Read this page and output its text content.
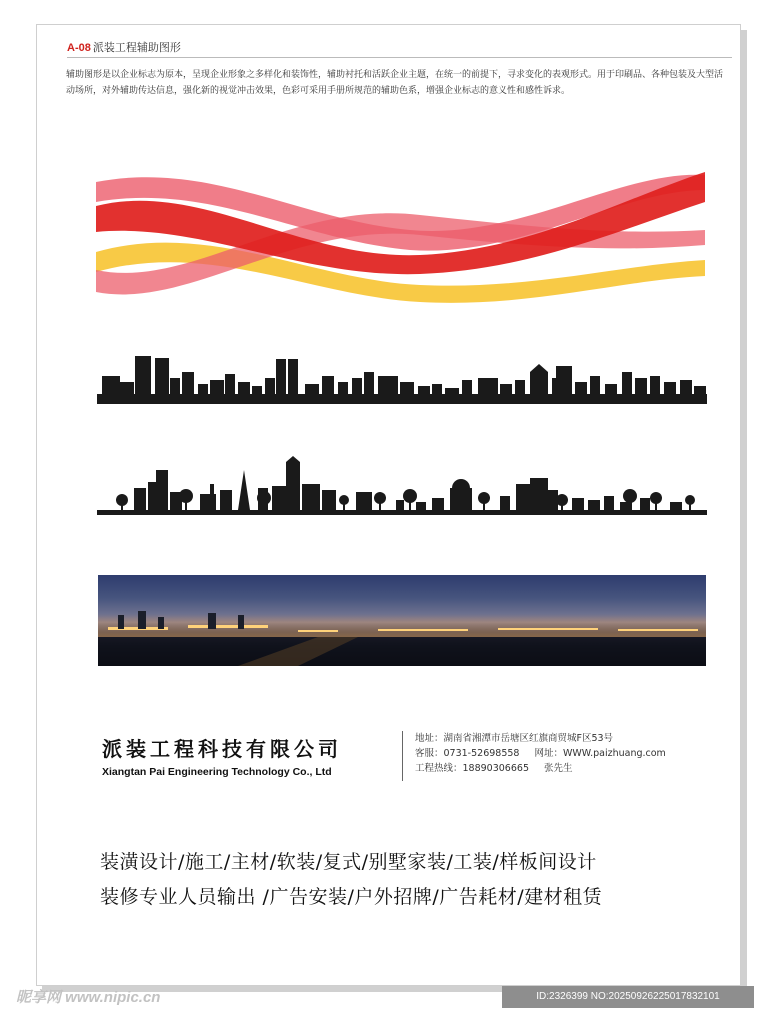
A-08 派装工程辅助图形
辅助图形是以企业标志为原本，呈现企业形象之多样化和装饰性，辅助衬托和活跃企业主题，在统一的前提下，寻求变化的表观形式。用于印刷品、各种包装及大型活动场所，对外辅助传达信息，强化新的视觉冲击效果，色彩可采用手册所规范的辅助色系，增强企业标志的意义性和感性诉求。
派装工程科技有限公司
Xiangtan Pai Engineering Technology Co., Ltd
地址：湖南省湘潭市岳塘区红旗商贸城F区53号
客服：0731-52698558 网址：WWW.paizhuang.com
工程热线：18890306665 张先生
装潢设计/施工/主材/软装/复式/别墅家装/工装/样板间设计
装修专业人员输出 /广告安装/户外招牌/广告耗材/建材租赁
昵享网 www.nipic.cn	ID:2326399 NO:20250926225017832101
